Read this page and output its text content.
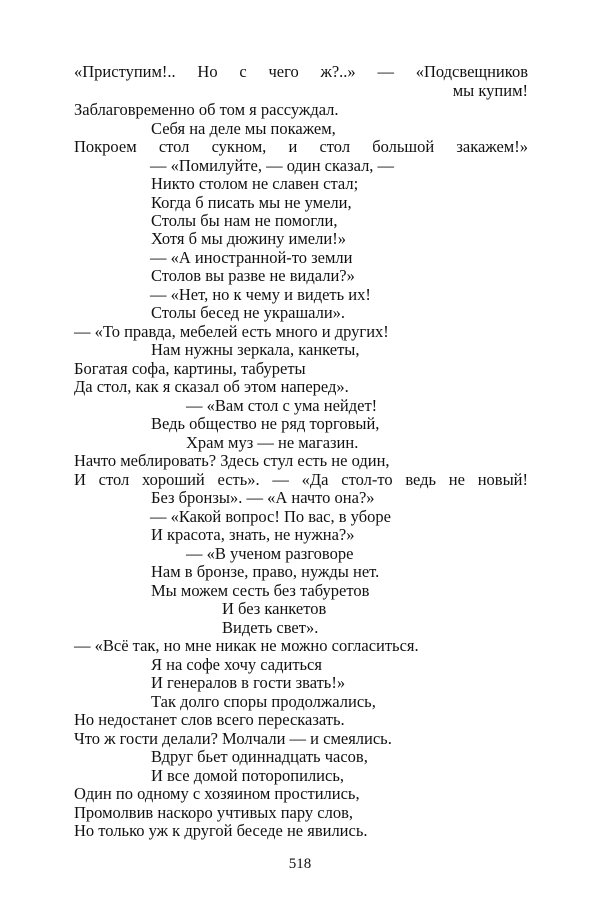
«Приступим!.. Но с чего ж?..» — «Подсвещников

мы купим!

Заблаговременно об том я рассуждал.

Себя на деле мы покажем,

Покроем стол сукном, и стол большой закажем!»

— «Помилуйте, — один сказал, —

Никто столом не славен стал;

Когда б писать мы не умели,

Столы бы нам не помогли,

Хотя б мы дюжину имели!»

— «А иностранной-то земли

Столов вы разве не видали?»

— «Нет, но к чему и видеть их!

Столы бесед не украшали».

— «То правда, мебелей есть много и других!

Нам нужны зеркала, канкеты,

Богатая софа, картины, табуреты

Да стол, как я сказал об этом наперед».

— «Вам стол с ума нейдет!

Ведь общество не ряд торговый,

Храм муз — не магазин.

Начто меблировать? Здесь стул есть не один,

И стол хороший есть». — «Да стол-то ведь не новый!

Без бронзы». — «А начто она?»

— «Какой вопрос! По вас, в уборе

И красота, знать, не нужна?»

— «В ученом разговоре

Нам в бронзе, право, нужды нет.

Мы можем сесть без табуретов

И без канкетов

Видеть свет».

— «Всё так, но мне никак не можно согласиться.

Я на софе хочу садиться

И генералов в гости звать!»

Так долго споры продолжались,

Но недостанет слов всего пересказать.

Что ж гости делали? Молчали — и смеялись.

Вдруг бьет одиннадцать часов,

И все домой поторопились,

Один по одному с хозяином простились,

Промолвив наскоро учтивых пару слов,

Но только уж к другой беседе не явились.

518
